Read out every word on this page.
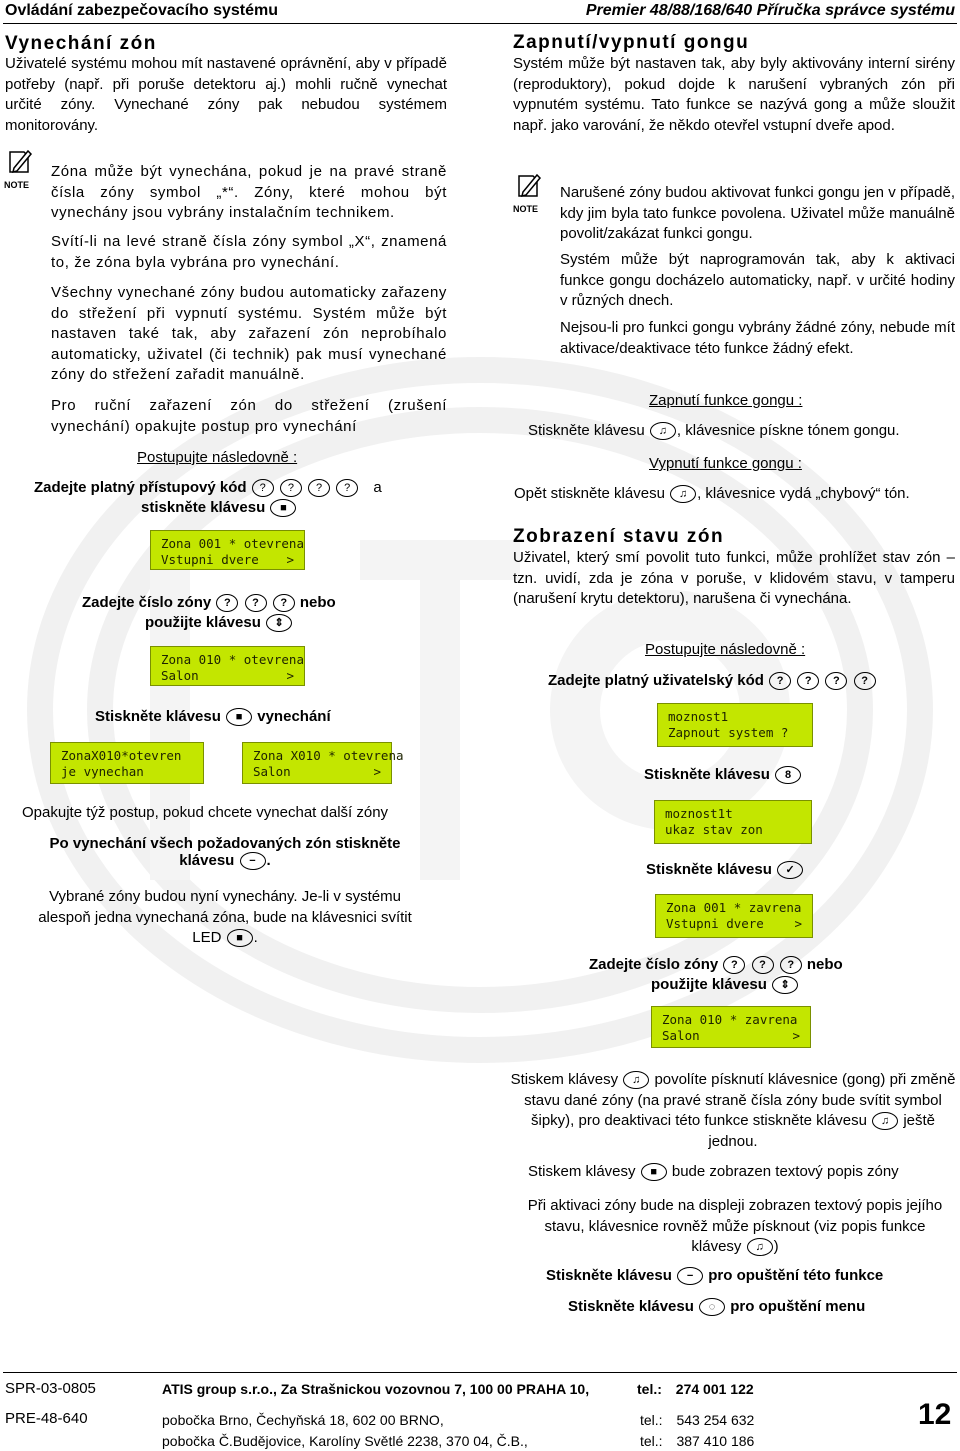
Ovládání zabezpečovacího systému	Premier 48/88/168/640 Příručka správce systému
Vynechání zón
Uživatelé systému mohou mít nastavené oprávnění, aby v případě potřeby (např. při poruše detektoru aj.) mohli ručně vynechat určité zóny. Vynechané zóny pak nebudou systémem monitorovány.
NOTE
Zóna může být vynechána, pokud je na pravé straně čísla zóny symbol „*“. Zóny, které mohou být vynechány jsou vybrány instalačním technikem.
Svítí-li na levé straně čísla zóny symbol „X“, znamená to, že zóna byla vybrána pro vynechání.
Všechny vynechané zóny budou automaticky zařazeny do střežení při vypnutí systému. Systém může být nastaven také tak, aby zařazení zón neprobíhalo automaticky, uživatel (či technik) pak musí vynechané zóny do střežení zařadit manuálně.
Pro ruční zařazení zón do střežení (zrušení vynechání) opakujte postup pro vynechání
Postupujte následovně :
Zadejte platný přístupový kód ? ? ? ? a
stiskněte klávesu ■
Zona 001 * otevrena
Vstupni dvere >
Zadejte číslo zóny ? ? ? nebo
použijte klávesu ⇕
Zona 010 * otevrena
Salon	>
Stiskněte klávesu ■ vynechání
ZonaX010*otevren
je vynechan
Zona X010 * otevrena
Salon	>
Opakujte týž postup, pokud chcete vynechat další zóny
Po vynechání všech požadovaných zón stiskněte
klávesu − .
Vybrané zóny budou nyní vynechány. Je-li v systému
alespoň jedna vynechaná zóna, bude na klávesnici svítit
LED ■ .
Zapnutí/vypnutí gongu
Systém může být nastaven tak, aby byly aktivovány interní sirény (reproduktory), pokud dojde k narušení vybraných zón při vypnutém systému. Tato funkce se nazývá gong a může sloužit např. jako varování, že někdo otevřel vstupní dveře apod.
NOTE
Narušené zóny budou aktivovat funkci gongu jen v případě, kdy jim byla tato funkce povolena. Uživatel může manuálně povolit/zakázat funkci gongu.
Systém může být naprogramován tak, aby k aktivaci funkce gongu docházelo automaticky, např. v určité hodiny v různých dnech.
Nejsou-li pro funkci gongu vybrány žádné zóny, nebude mít aktivace/deaktivace této funkce žádný efekt.
Zapnutí funkce gongu :
Stiskněte klávesu ♫ , klávesnice pískne tónem gongu.
Vypnutí funkce gongu :
Opět stiskněte klávesu ♫ , klávesnice vydá „chybový“ tón.
Zobrazení stavu zón
Uživatel, který smí povolit tuto funkci, může prohlížet stav zón – tzn. uvidí, zda je zóna v poruše, v klidovém stavu, v tamperu (narušení krytu detektoru), narušena či vynechána.
Postupujte následovně :
Zadejte platný uživatelský kód ? ? ? ?
moznost1
Zapnout system ?
Stiskněte klávesu 8
moznost1t
ukaz stav zon
Stiskněte klávesu ✓
Zona 001 * zavrena
Vstupni dvere >
Zadejte číslo zóny ? ? ? nebo
použijte klávesu ⇕
Zona 010 * zavrena
Salon	>
Stiskem klávesy ♫ povolíte písknutí klávesnice (gong) při změně stavu dané zóny (na pravé straně čísla zóny bude svítit symbol šipky), pro deaktivaci této funkce stiskněte klávesu ♫ ještě jednou.
Stiskem klávesy ■ bude zobrazen textový popis zóny
Při aktivaci zóny bude na displeji zobrazen textový popis jejího stavu, klávesnice rovněž může písknout (viz popis funkce klávesy ♫ )
Stiskněte klávesu − pro opuštění této funkce
Stiskněte klávesu ◌ pro opuštění menu
SPR-03-0805
PRE-48-640
ATIS group s.r.o., Za Strašnickou vozovnou 7, 100 00 PRAHA 10,	tel.: 274 001 122
pobočka Brno, Čechyňská 18, 602 00 BRNO,	tel.: 543 254 632
pobočka Č.Budějovice, Karolíny Světlé 2238, 370 04, Č.B.,	tel.: 387 410 186
12
